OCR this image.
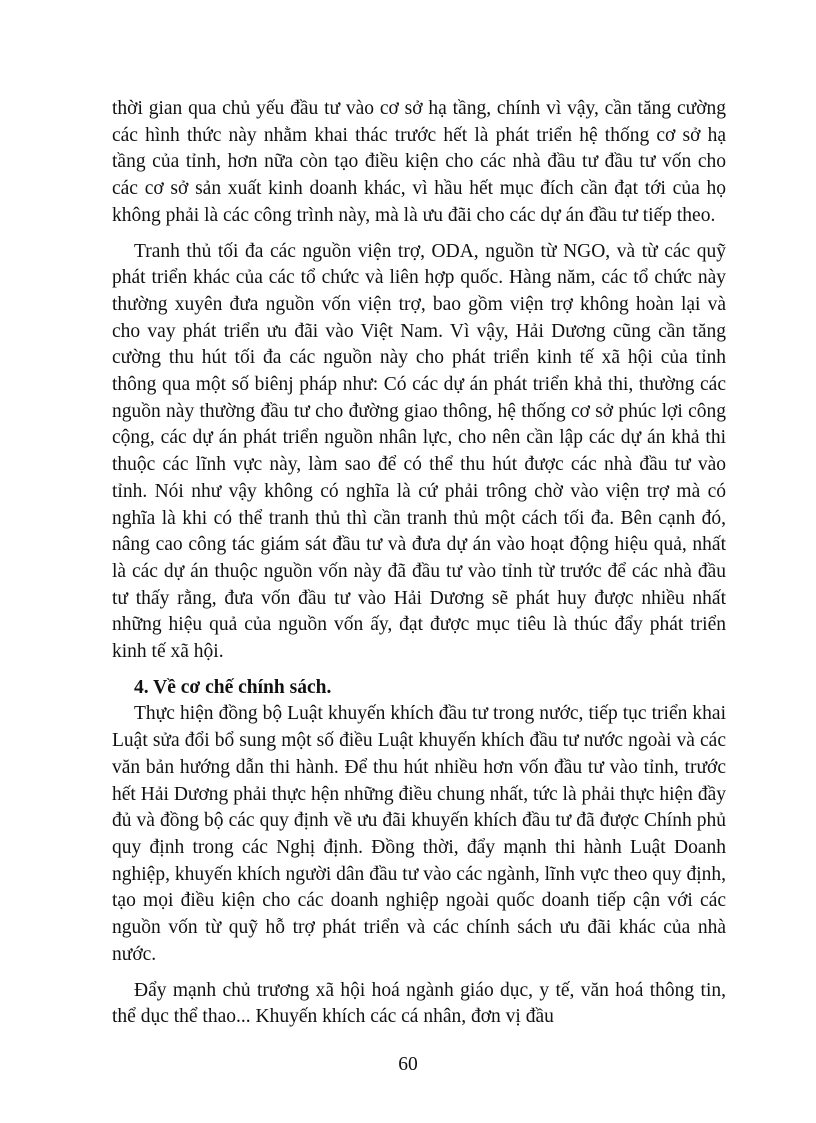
thời gian qua chủ yếu đầu tư vào cơ sở hạ tầng, chính vì vậy, cần tăng cường các hình thức này nhằm khai thác trước hết là phát triển hệ thống cơ sở hạ tầng của tỉnh, hơn nữa còn tạo điều kiện cho các nhà đầu tư đầu tư vốn cho các cơ sở sản xuất kinh doanh khác, vì hầu hết mục đích cần đạt tới của họ không phải là các công trình này, mà là ưu đãi cho các dự án đầu tư tiếp theo.

Tranh thủ tối đa các nguồn viện trợ, ODA, nguồn từ NGO, và từ các quỹ phát triển khác của các tổ chức và liên hợp quốc. Hàng năm, các tổ chức này thường xuyên đưa nguồn vốn viện trợ, bao gồm viện trợ không hoàn lại và cho vay phát triển ưu đãi vào Việt Nam. Vì vậy, Hải Dương cũng cần tăng cường thu hút tối đa các nguồn này cho phát triển kinh tế xã hội của tỉnh thông qua một số biênj pháp như: Có các dự án phát triển khả thi, thường các nguồn này thường đầu tư cho đường giao thông, hệ thống cơ sở phúc lợi công cộng, các dự án phát triển nguồn nhân lực, cho nên cần lập các dự án khả thi thuộc các lĩnh vực này, làm sao để có thể thu hút được các nhà đầu tư vào tỉnh. Nói như vậy không có nghĩa là cứ phải trông chờ vào viện trợ mà có nghĩa là khi có thể tranh thủ thì cần tranh thủ một cách tối đa. Bên cạnh đó, nâng cao công tác giám sát đầu tư và đưa dự án vào hoạt động hiệu quả, nhất là các dự án thuộc nguồn vốn này đã đầu tư vào tỉnh từ trước để các nhà đầu tư thấy rằng, đưa vốn đầu tư vào Hải Dương sẽ phát huy được nhiều nhất những hiệu quả của nguồn vốn ấy, đạt được mục tiêu là thúc đẩy phát triển kinh tế xã hội.

4. Về cơ chế chính sách.

Thực hiện đồng bộ Luật khuyến khích đầu tư trong nước, tiếp tục triển khai Luật sửa đổi bổ sung một số điều Luật khuyến khích đầu tư nước ngoài và các văn bản hướng dẫn thi hành. Để thu hút nhiều hơn vốn đầu tư vào tỉnh, trước hết Hải Dương phải thực hện những điều chung nhất, tức là phải thực hiện đầy đủ và đồng bộ các quy định về ưu đãi khuyến khích đầu tư đã được Chính phủ quy định trong các Nghị định. Đồng thời, đẩy mạnh thi hành Luật Doanh nghiệp, khuyến khích người dân đầu tư vào các ngành, lĩnh vực theo quy định, tạo mọi điều kiện cho các doanh nghiệp ngoài quốc doanh tiếp cận với các nguồn vốn từ quỹ hỗ trợ phát triển và các chính sách ưu đãi khác của nhà nước.

Đẩy mạnh chủ trương xã hội hoá ngành giáo dục, y tế, văn hoá thông tin, thể dục thể thao... Khuyến khích các cá nhân, đơn vị đầu

60
